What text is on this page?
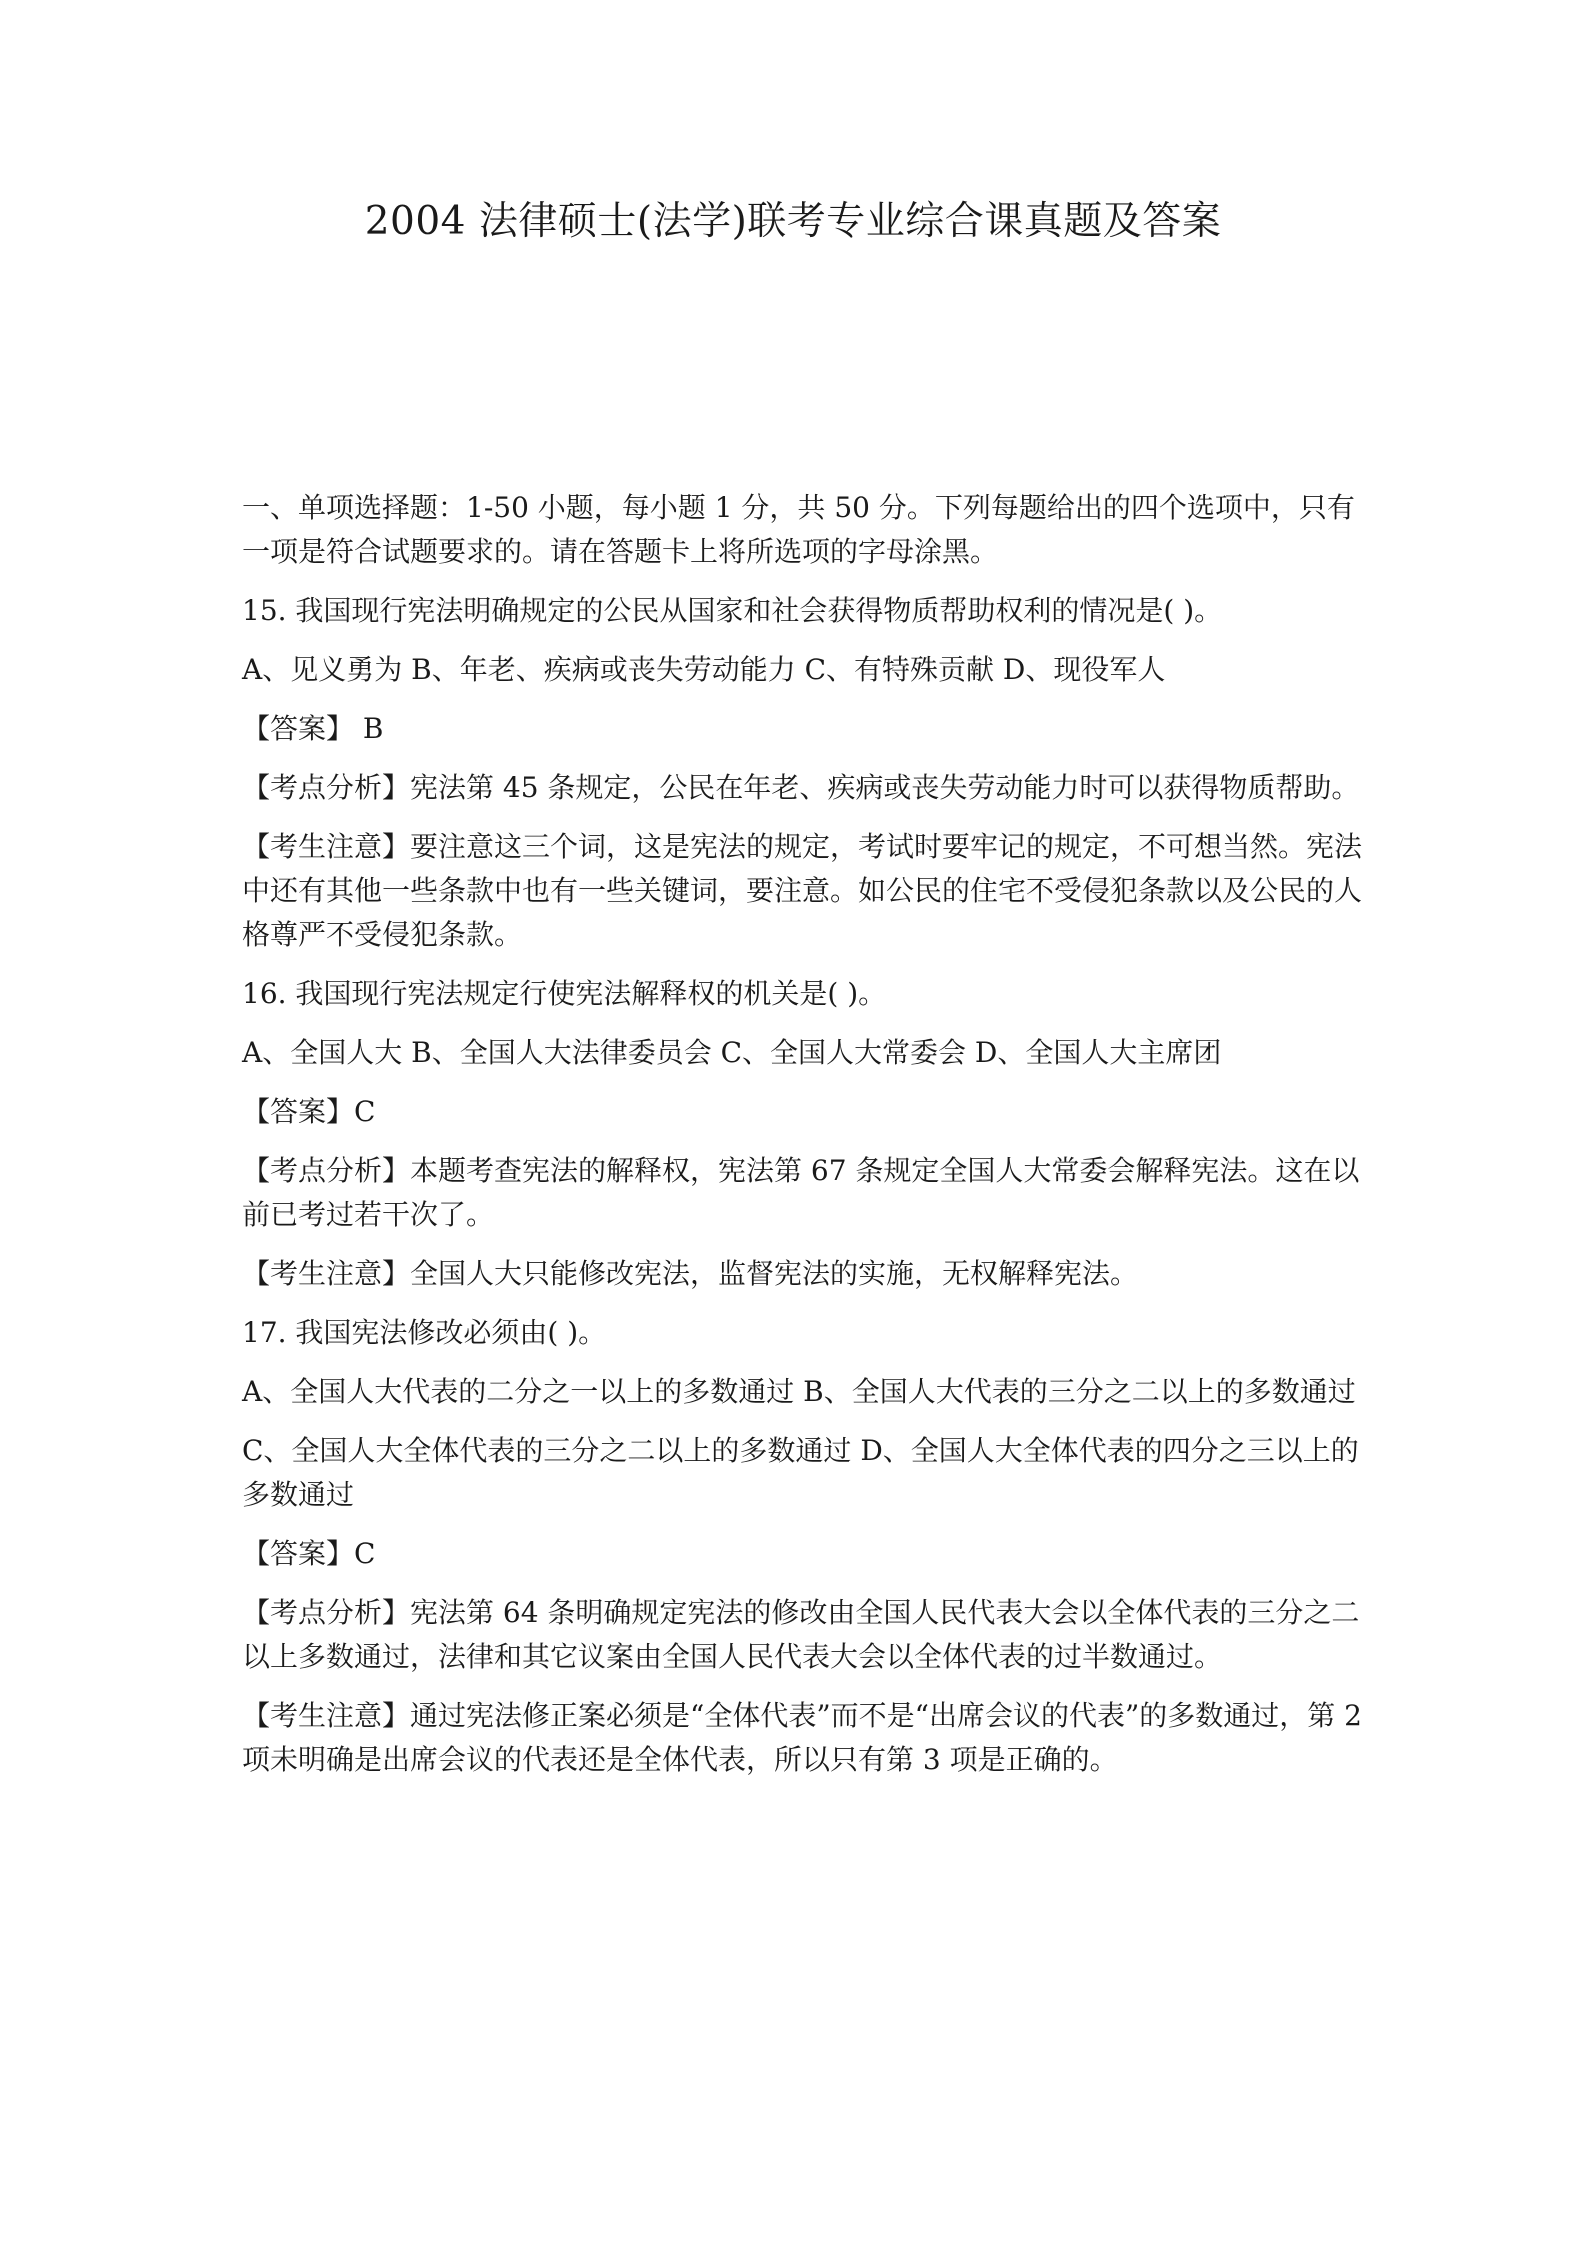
2004 法律硕士(法学)联考专业综合课真题及答案

一、单项选择题：1-50 小题，每小题 1 分，共 50 分。下列每题给出的四个选项中，只有一项是符合试题要求的。请在答题卡上将所选项的字母涂黑。

15. 我国现行宪法明确规定的公民从国家和社会获得物质帮助权利的情况是( )。

A、见义勇为 B、年老、疾病或丧失劳动能力 C、有特殊贡献 D、现役军人

【答案】 B

【考点分析】宪法第 45 条规定，公民在年老、疾病或丧失劳动能力时可以获得物质帮助。

【考生注意】要注意这三个词，这是宪法的规定，考试时要牢记的规定，不可想当然。宪法中还有其他一些条款中也有一些关键词，要注意。如公民的住宅不受侵犯条款以及公民的人格尊严不受侵犯条款。

16. 我国现行宪法规定行使宪法解释权的机关是( )。

A、全国人大 B、全国人大法律委员会 C、全国人大常委会 D、全国人大主席团

【答案】C

【考点分析】本题考查宪法的解释权，宪法第 67 条规定全国人大常委会解释宪法。这在以前已考过若干次了。

【考生注意】全国人大只能修改宪法，监督宪法的实施，无权解释宪法。

17. 我国宪法修改必须由( )。

A、全国人大代表的二分之一以上的多数通过 B、全国人大代表的三分之二以上的多数通过

C、全国人大全体代表的三分之二以上的多数通过 D、全国人大全体代表的四分之三以上的多数通过

【答案】C

【考点分析】宪法第 64 条明确规定宪法的修改由全国人民代表大会以全体代表的三分之二以上多数通过，法律和其它议案由全国人民代表大会以全体代表的过半数通过。

【考生注意】通过宪法修正案必须是“全体代表”而不是“出席会议的代表”的多数通过，第 2 项未明确是出席会议的代表还是全体代表，所以只有第 3 项是正确的。
